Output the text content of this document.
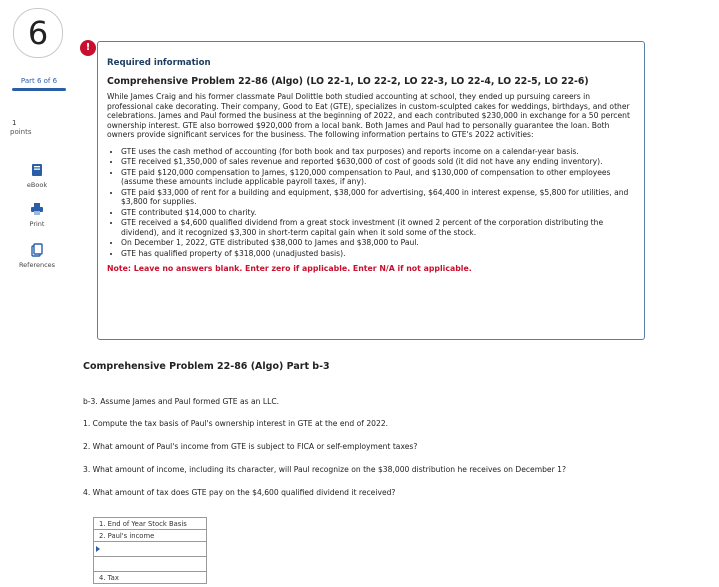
6
Part 6 of 6
1
points
eBook
Print
References
!
Required information
Comprehensive Problem 22-86 (Algo) (LO 22-1, LO 22-2, LO 22-3, LO 22-4, LO 22-5, LO 22-6)

While James Craig and his former classmate Paul Dolittle both studied accounting at school, they ended up pursuing careers in professional cake decorating. Their company, Good to Eat (GTE), specializes in custom-sculpted cakes for weddings, birthdays, and other celebrations. James and Paul formed the business at the beginning of 2022, and each contributed $230,000 in exchange for a 50 percent ownership interest. GTE also borrowed $920,000 from a local bank. Both James and Paul had to personally guarantee the loan. Both owners provide significant services for the business. The following information pertains to GTE's 2022 activities:

• GTE uses the cash method of accounting (for both book and tax purposes) and reports income on a calendar-year basis.
• GTE received $1,350,000 of sales revenue and reported $630,000 of cost of goods sold (it did not have any ending inventory).
• GTE paid $120,000 compensation to James, $120,000 compensation to Paul, and $130,000 of compensation to other employees (assume these amounts include applicable payroll taxes, if any).
• GTE paid $33,000 of rent for a building and equipment, $38,000 for advertising, $64,400 in interest expense, $5,800 for utilities, and $3,800 for supplies.
• GTE contributed $14,000 to charity.
• GTE received a $4,600 qualified dividend from a great stock investment (it owned 2 percent of the corporation distributing the dividend), and it recognized $3,300 in short-term capital gain when it sold some of the stock.
• On December 1, 2022, GTE distributed $38,000 to James and $38,000 to Paul.
• GTE has qualified property of $318,000 (unadjusted basis).
Note: Leave no answers blank. Enter zero if applicable. Enter N/A if not applicable.
Comprehensive Problem 22-86 (Algo) Part b-3
b-3. Assume James and Paul formed GTE as an LLC.
1. Compute the tax basis of Paul's ownership interest in GTE at the end of 2022.
2. What amount of Paul's income from GTE is subject to FICA or self-employment taxes?
3. What amount of income, including its character, will Paul recognize on the $38,000 distribution he receives on December 1?
4. What amount of tax does GTE pay on the $4,600 qualified dividend it received?
1. End of Year Stock Basis
2. Paul's income

4. Tax
